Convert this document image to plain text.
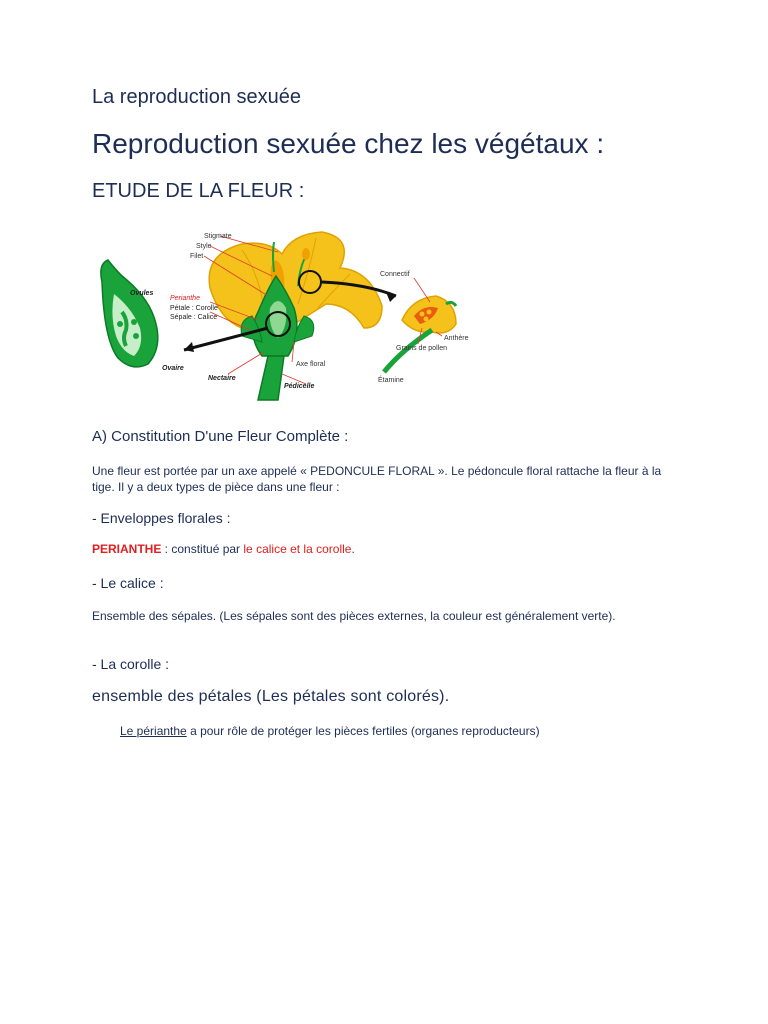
La reproduction sexuée
Reproduction sexuée chez les végétaux :
ETUDE DE LA FLEUR :
Stigmate
Style
Filet
Ovules
Perianthe
Pétale : Corolle
Sépale : Calice
Connectif
Anthère
Grains de pollen
Axe floral
Nectaire
Ovaire
Pédicelle
Étamine
A) Constitution D'une Fleur Complète :
Une fleur est portée par un axe appelé « PEDONCULE FLORAL ». Le pédoncule floral rattache la fleur à la tige. Il y a deux types de pièce dans une fleur :
- Enveloppes florales :
PERIANTHE : constitué par le calice et la corolle.
- Le calice :
Ensemble des sépales. (Les sépales sont des pièces externes, la couleur est généralement verte).
- La corolle :
ensemble des pétales (Les pétales sont colorés).
Le périanthe a pour rôle de protéger les pièces fertiles (organes reproducteurs)
